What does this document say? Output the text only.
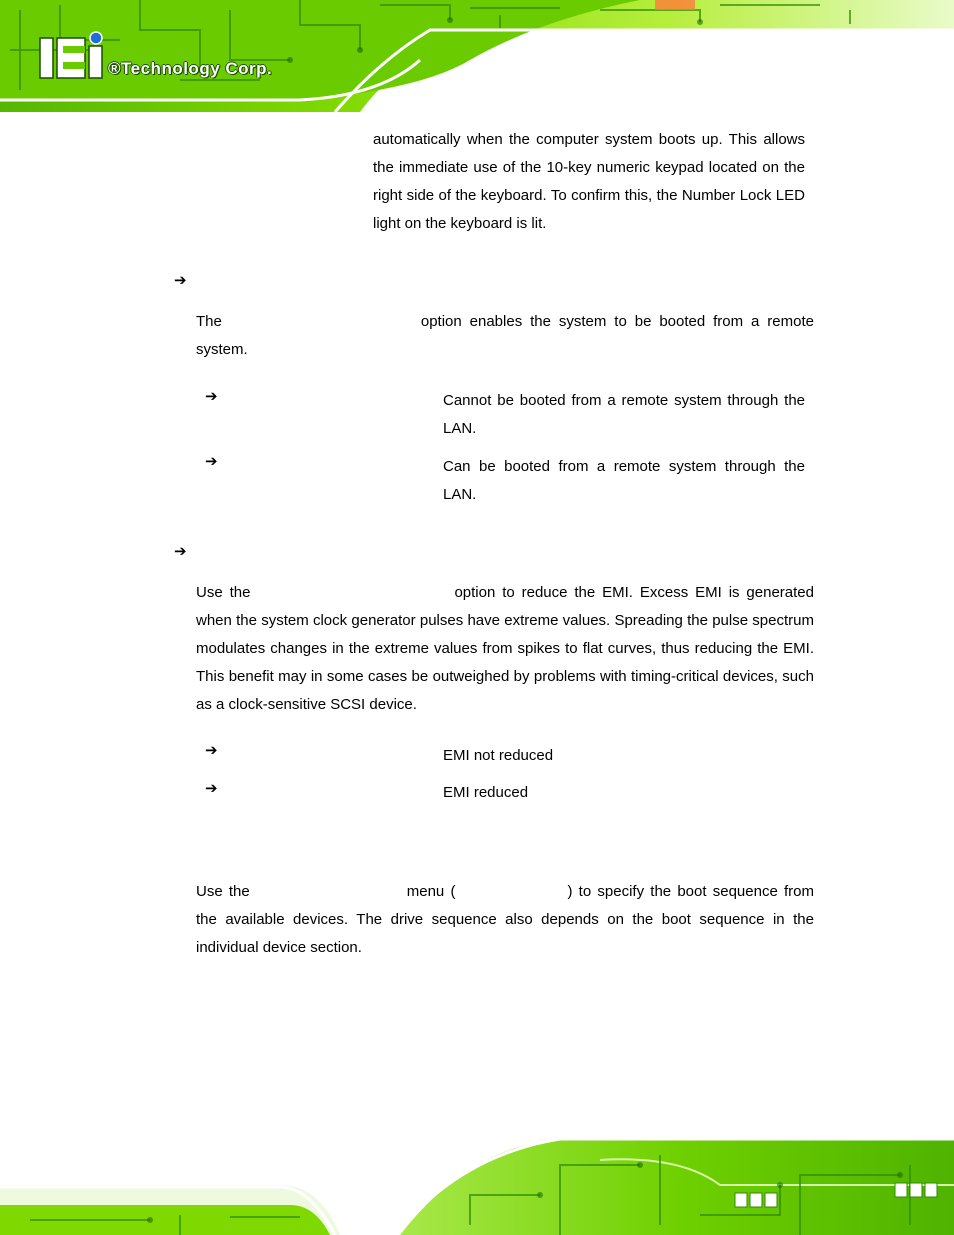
®Technology Corp.

automatically when the computer system boots up. This allows the immediate use of the 10-key numeric keypad located on the right side of the keyboard. To confirm this, the Number Lock LED light on the keyboard is lit.

➔

The	option enables the system to be booted from a remote system.

➔	Cannot be booted from a remote system through the LAN.

➔	Can be booted from a remote system through the LAN.

➔

Use the	option to reduce the EMI. Excess EMI is generated when the system clock generator pulses have extreme values. Spreading the pulse spectrum modulates changes in the extreme values from spikes to flat curves, thus reducing the EMI. This benefit may in some cases be outweighed by problems with timing-critical devices, such as a clock-sensitive SCSI device.

➔	EMI not reduced

➔	EMI reduced

Use the	menu (	) to specify the boot sequence from the available devices. The drive sequence also depends on the boot sequence in the individual device section.
